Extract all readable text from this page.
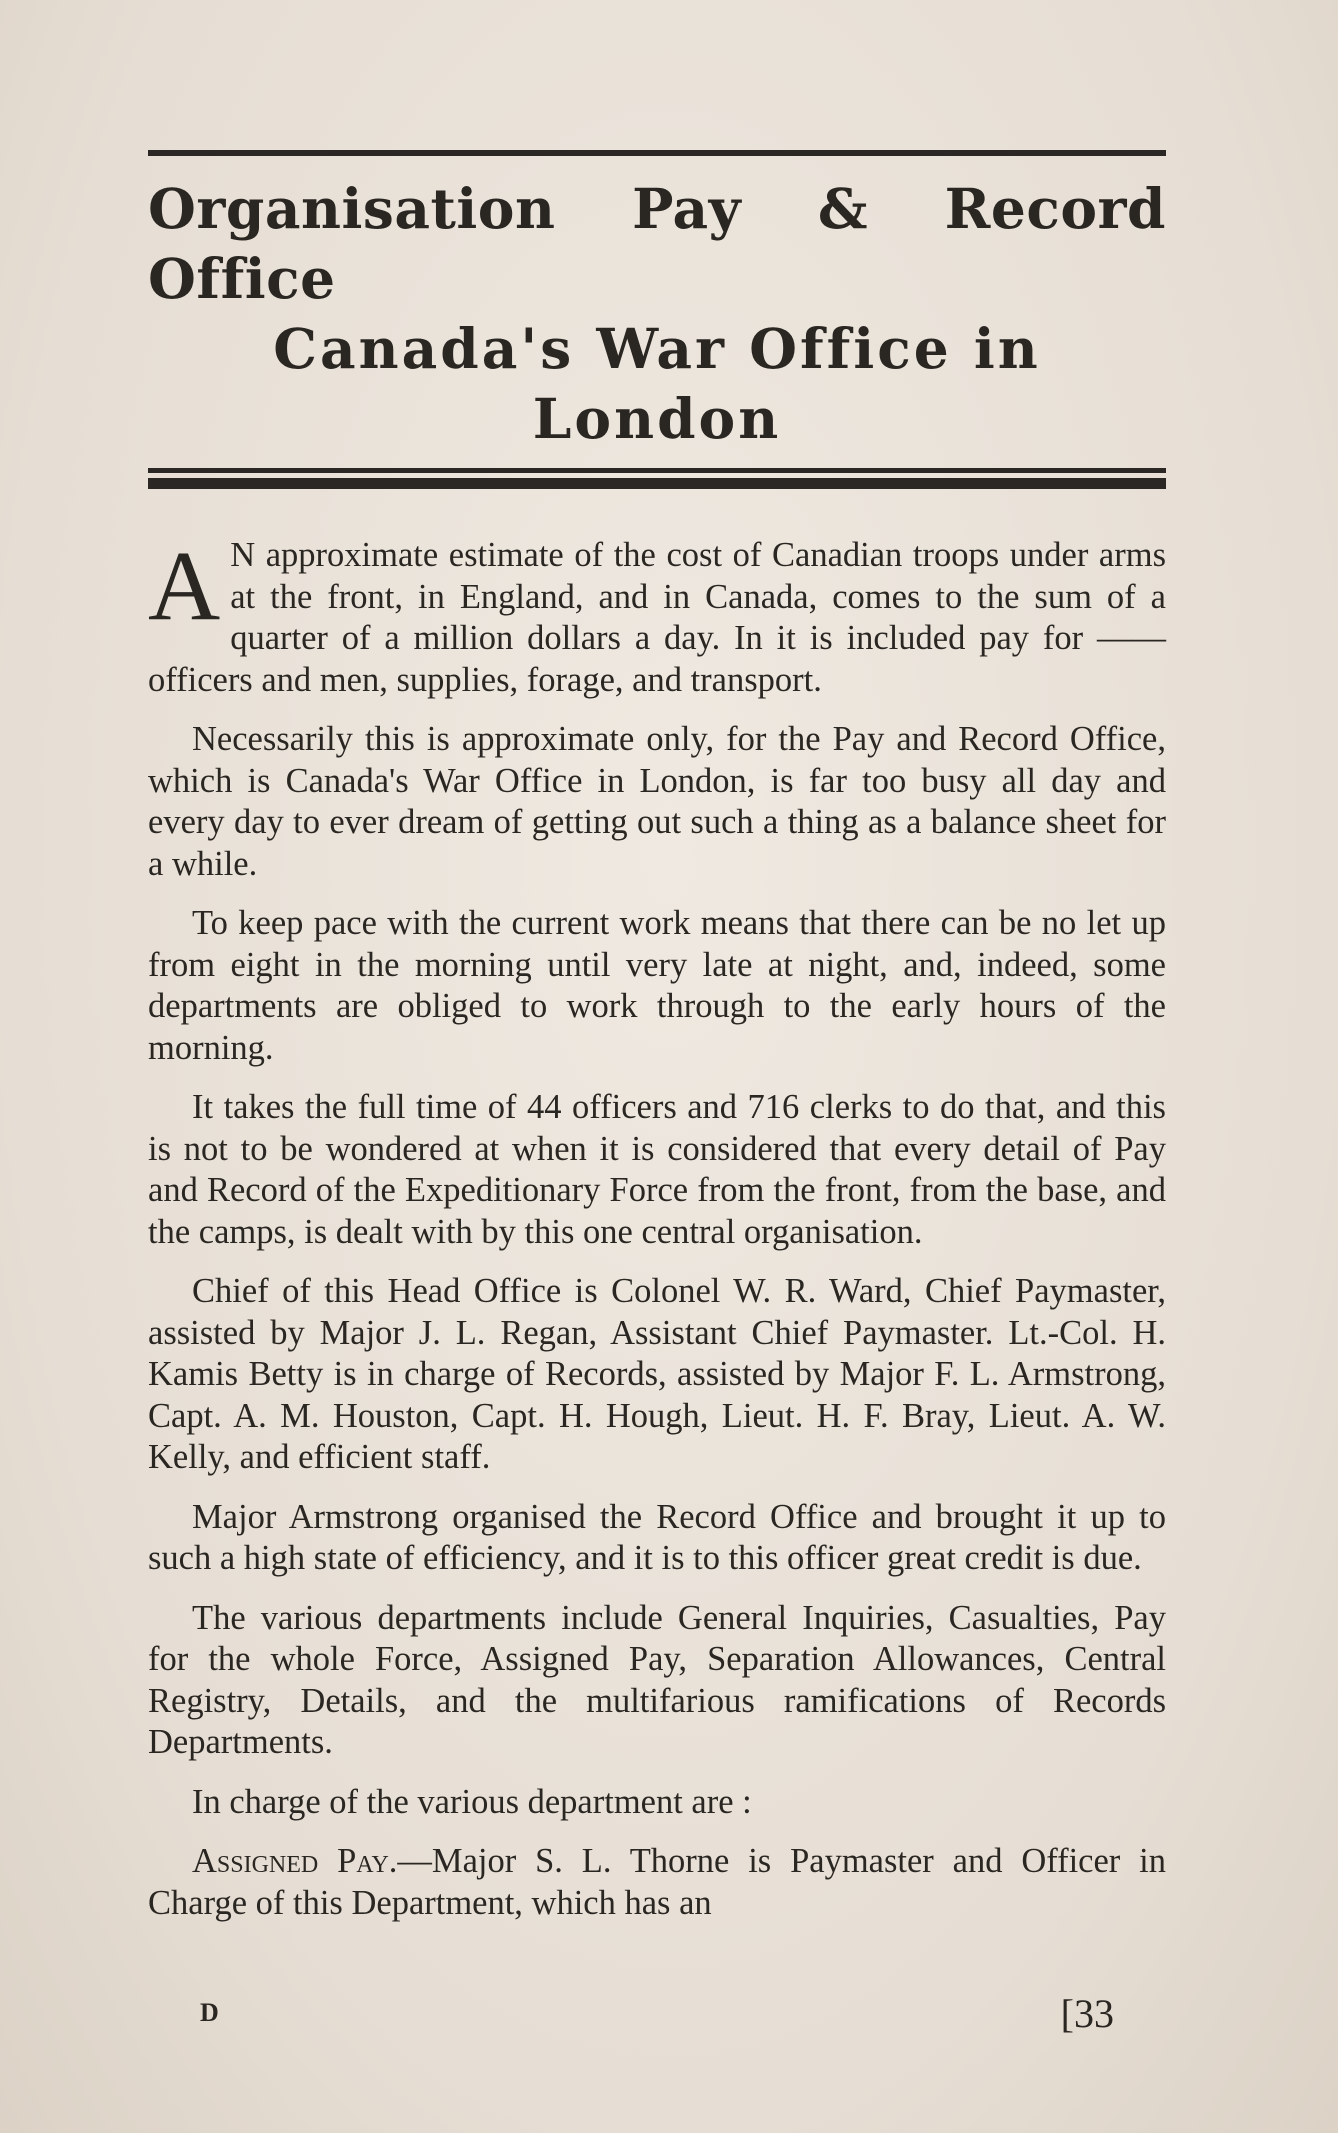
Organisation Pay & Record Office
Canada's War Office in London

A N approximate estimate of the cost of Canadian troops under arms at the front, in England, and in Canada, comes to the sum of a quarter of a million dollars a day. In it is included pay for —— officers and men, supplies, forage, and transport.

Necessarily this is approximate only, for the Pay and Record Office, which is Canada's War Office in London, is far too busy all day and every day to ever dream of getting out such a thing as a balance sheet for a while.

To keep pace with the current work means that there can be no let up from eight in the morning until very late at night, and, indeed, some departments are obliged to work through to the early hours of the morning.

It takes the full time of 44 officers and 716 clerks to do that, and this is not to be wondered at when it is considered that every detail of Pay and Record of the Expeditionary Force from the front, from the base, and the camps, is dealt with by this one central organisation.

Chief of this Head Office is Colonel W. R. Ward, Chief Paymaster, assisted by Major J. L. Regan, Assistant Chief Paymaster. Lt.-Col. H. Kamis Betty is in charge of Records, assisted by Major F. L. Armstrong, Capt. A. M. Houston, Capt. H. Hough, Lieut. H. F. Bray, Lieut. A. W. Kelly, and efficient staff.

Major Armstrong organised the Record Office and brought it up to such a high state of efficiency, and it is to this officer great credit is due.

The various departments include General Inquiries, Casualties, Pay for the whole Force, Assigned Pay, Separation Allowances, Central Registry, Details, and the multifarious ramifications of Records Departments.

In charge of the various department are :

Assigned Pay.—Major S. L. Thorne is Paymaster and Officer in Charge of this Department, which has an

D	[33
